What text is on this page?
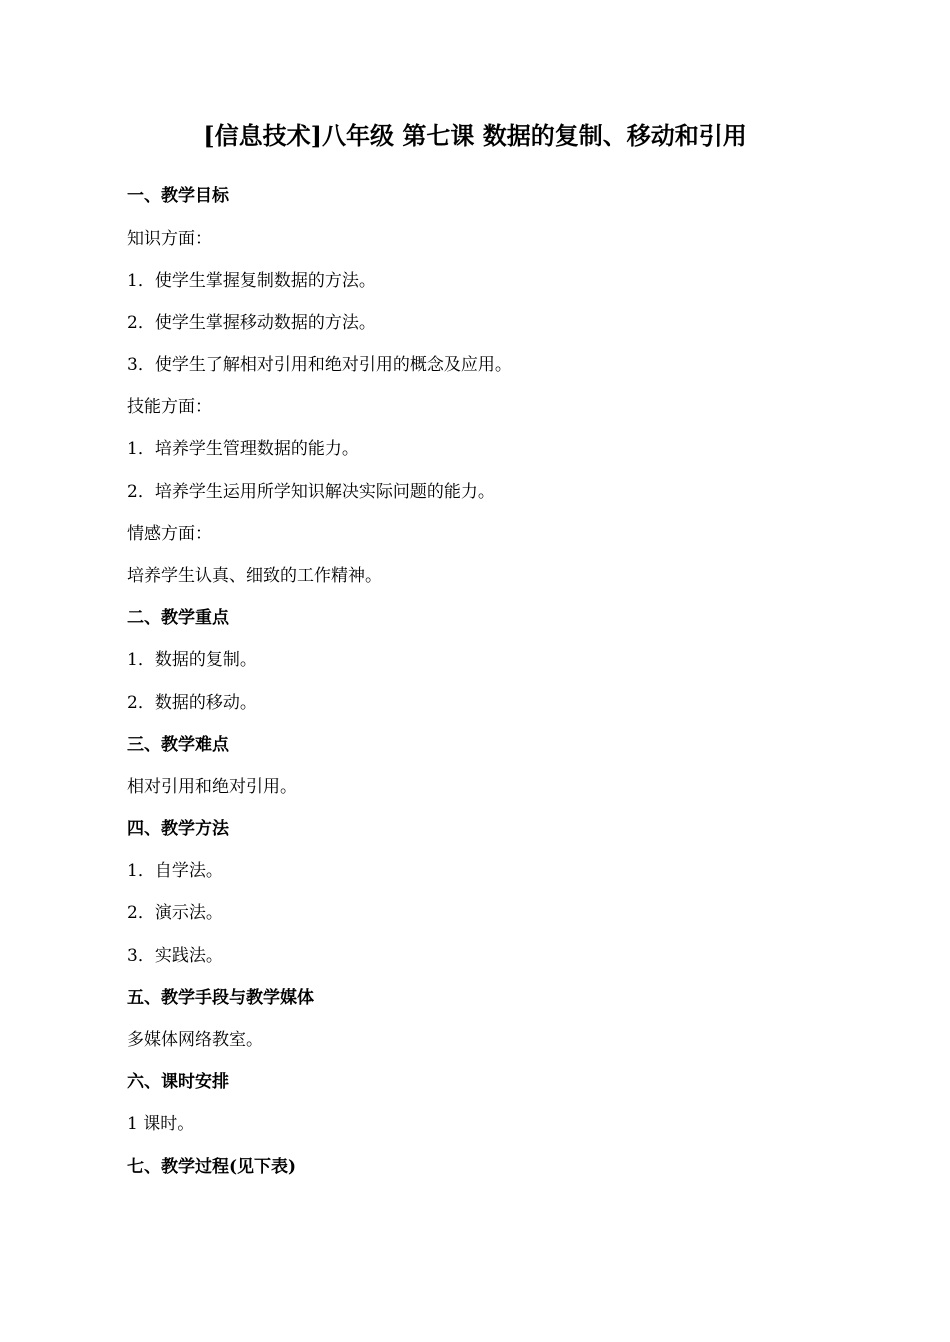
[信息技术]八年级 第七课 数据的复制、移动和引用
一、教学目标
知识方面：
1．使学生掌握复制数据的方法。
2．使学生掌握移动数据的方法。
3．使学生了解相对引用和绝对引用的概念及应用。
技能方面：
1．培养学生管理数据的能力。
2．培养学生运用所学知识解决实际问题的能力。
情感方面：
培养学生认真、细致的工作精神。
二、教学重点
1．数据的复制。
2．数据的移动。
三、教学难点
相对引用和绝对引用。
四、教学方法
1．自学法。
2．演示法。
3．实践法。
五、教学手段与教学媒体
多媒体网络教室。
六、课时安排
1 课时。
七、教学过程(见下表)
